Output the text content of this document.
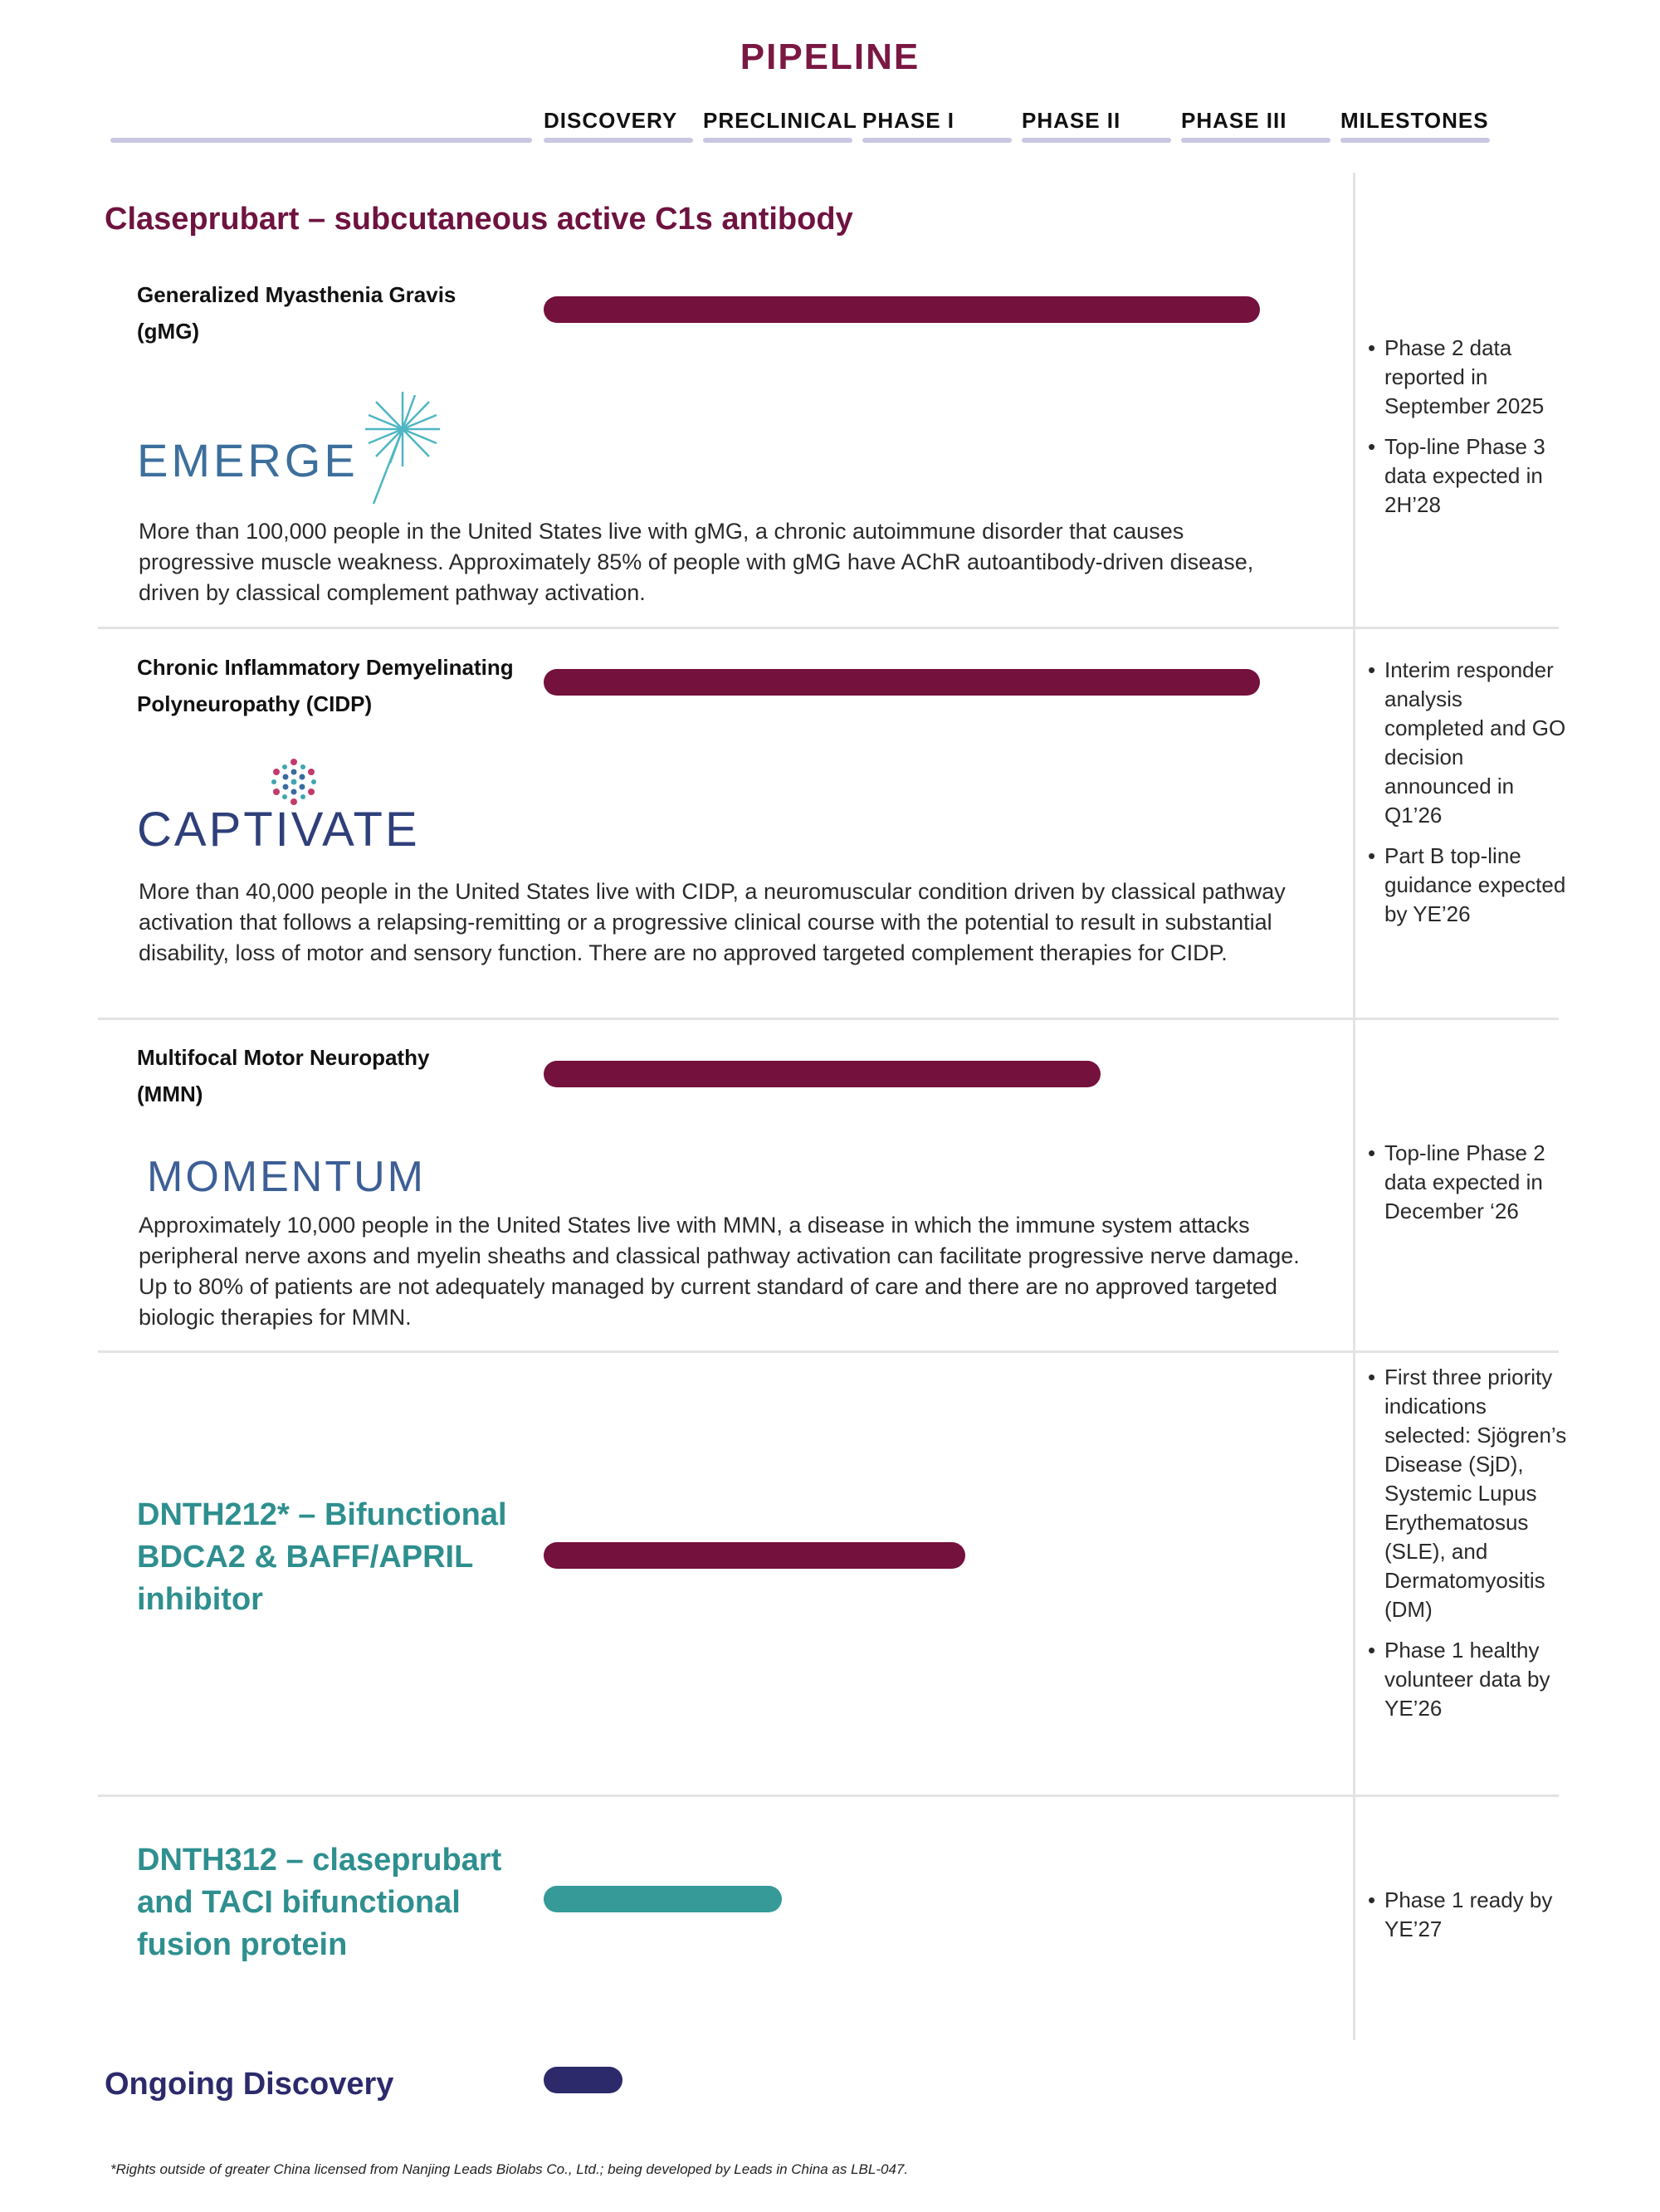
PIPELINE
DISCOVERY PRECLINICAL PHASE I	PHASE II	PHASE III MILESTONES
Claseprubart – subcutaneous active C1s antibody
Generalized Myasthenia Gravis (gMG)
EMERGE
More than 100,000 people in the United States live with gMG, a chronic autoimmune disorder that causes progressive muscle weakness. Approximately 85% of people with gMG have AChR autoantibody-driven disease, driven by classical complement pathway activation.
• Phase 2 data reported in September 2025
• Top-line Phase 3 data expected in 2H’28
Chronic Inflammatory Demyelinating Polyneuropathy (CIDP)
CAPTIVATE
More than 40,000 people in the United States live with CIDP, a neuromuscular condition driven by classical pathway activation that follows a relapsing-remitting or a progressive clinical course with the potential to result in substantial disability, loss of motor and sensory function. There are no approved targeted complement therapies for CIDP.
• Interim responder analysis completed and GO decision announced in Q1’26
• Part B top-line guidance expected by YE’26
Multifocal Motor Neuropathy (MMN)
MOMENTUM
Approximately 10,000 people in the United States live with MMN, a disease in which the immune system attacks peripheral nerve axons and myelin sheaths and classical pathway activation can facilitate progressive nerve damage. Up to 80% of patients are not adequately managed by current standard of care and there are no approved targeted biologic therapies for MMN.
• Top-line Phase 2 data expected in December ‘26
DNTH212* – Bifunctional BDCA2 & BAFF/APRIL inhibitor
• First three priority indications selected: Sjögren’s Disease (SjD), Systemic Lupus Erythematosus (SLE), and Dermatomyositis (DM)
• Phase 1 healthy volunteer data by YE’26
DNTH312 – claseprubart and TACI bifunctional fusion protein
• Phase 1 ready by YE’27
Ongoing Discovery
*Rights outside of greater China licensed from Nanjing Leads Biolabs Co., Ltd.; being developed by Leads in China as LBL-047.
